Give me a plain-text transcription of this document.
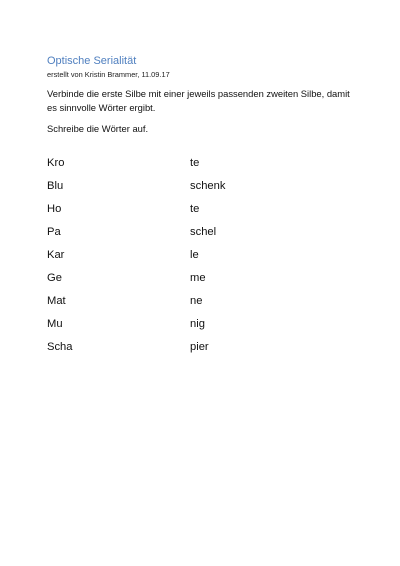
Optische Serialität
erstellt von Kristin Brammer, 11.09.17
Verbinde die erste Silbe mit einer jeweils passenden zweiten Silbe, damit es sinnvolle Wörter ergibt.
Schreibe die Wörter auf.
Kro	te
Blu	schenk
Ho	te
Pa	schel
Kar	le
Ge	me
Mat	ne
Mu	nig
Scha	pier
